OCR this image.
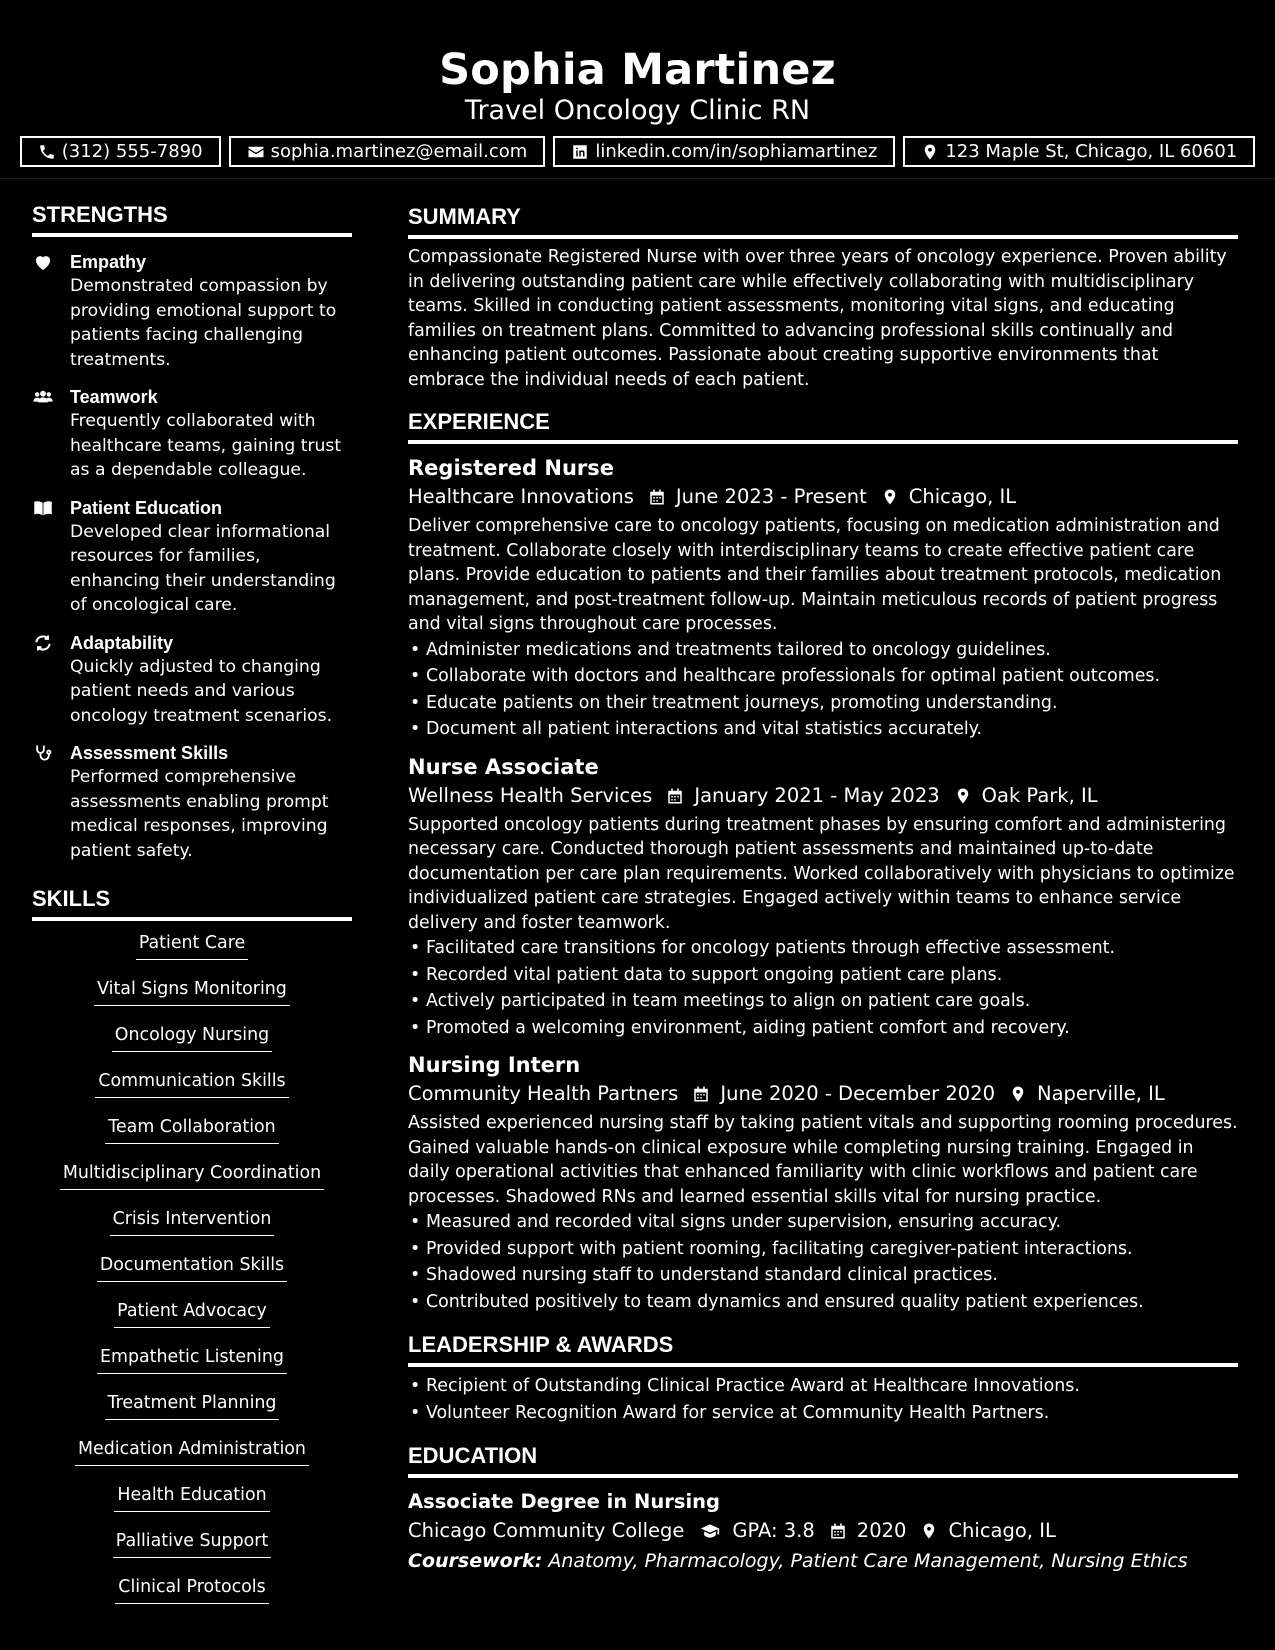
Sophia Martinez
Travel Oncology Clinic RN
(312) 555-7890	sophia.martinez@email.com	linkedin.com/in/sophiamartinez	123 Maple St, Chicago, IL 60601
STRENGTHS
Empathy
Demonstrated compassion by providing emotional support to patients facing challenging treatments.
Teamwork
Frequently collaborated with healthcare teams, gaining trust as a dependable colleague.
Patient Education
Developed clear informational resources for families, enhancing their understanding of oncological care.
Adaptability
Quickly adjusted to changing patient needs and various oncology treatment scenarios.
Assessment Skills
Performed comprehensive assessments enabling prompt medical responses, improving patient safety.
SKILLS
Patient Care
Vital Signs Monitoring
Oncology Nursing
Communication Skills
Team Collaboration
Multidisciplinary Coordination
Crisis Intervention
Documentation Skills
Patient Advocacy
Empathetic Listening
Treatment Planning
Medication Administration
Health Education
Palliative Support
Clinical Protocols
SUMMARY
Compassionate Registered Nurse with over three years of oncology experience. Proven ability in delivering outstanding patient care while effectively collaborating with multidisciplinary teams. Skilled in conducting patient assessments, monitoring vital signs, and educating families on treatment plans. Committed to advancing professional skills continually and enhancing patient outcomes. Passionate about creating supportive environments that embrace the individual needs of each patient.
EXPERIENCE
Registered Nurse
Healthcare Innovations June 2023 - Present Chicago, IL
Deliver comprehensive care to oncology patients, focusing on medication administration and treatment. Collaborate closely with interdisciplinary teams to create effective patient care plans. Provide education to patients and their families about treatment protocols, medication management, and post-treatment follow-up. Maintain meticulous records of patient progress and vital signs throughout care processes.
• Administer medications and treatments tailored to oncology guidelines.
• Collaborate with doctors and healthcare professionals for optimal patient outcomes.
• Educate patients on their treatment journeys, promoting understanding.
• Document all patient interactions and vital statistics accurately.
Nurse Associate
Wellness Health Services January 2021 - May 2023 Oak Park, IL
Supported oncology patients during treatment phases by ensuring comfort and administering necessary care. Conducted thorough patient assessments and maintained up-to-date documentation per care plan requirements. Worked collaboratively with physicians to optimize individualized patient care strategies. Engaged actively within teams to enhance service delivery and foster teamwork.
• Facilitated care transitions for oncology patients through effective assessment.
• Recorded vital patient data to support ongoing patient care plans.
• Actively participated in team meetings to align on patient care goals.
• Promoted a welcoming environment, aiding patient comfort and recovery.
Nursing Intern
Community Health Partners June 2020 - December 2020 Naperville, IL
Assisted experienced nursing staff by taking patient vitals and supporting rooming procedures. Gained valuable hands-on clinical exposure while completing nursing training. Engaged in daily operational activities that enhanced familiarity with clinic workflows and patient care processes. Shadowed RNs and learned essential skills vital for nursing practice.
• Measured and recorded vital signs under supervision, ensuring accuracy.
• Provided support with patient rooming, facilitating caregiver-patient interactions.
• Shadowed nursing staff to understand standard clinical practices.
• Contributed positively to team dynamics and ensured quality patient experiences.
LEADERSHIP & AWARDS
• Recipient of Outstanding Clinical Practice Award at Healthcare Innovations.
• Volunteer Recognition Award for service at Community Health Partners.
EDUCATION
Associate Degree in Nursing
Chicago Community College GPA: 3.8 2020 Chicago, IL
Coursework: Anatomy, Pharmacology, Patient Care Management, Nursing Ethics
